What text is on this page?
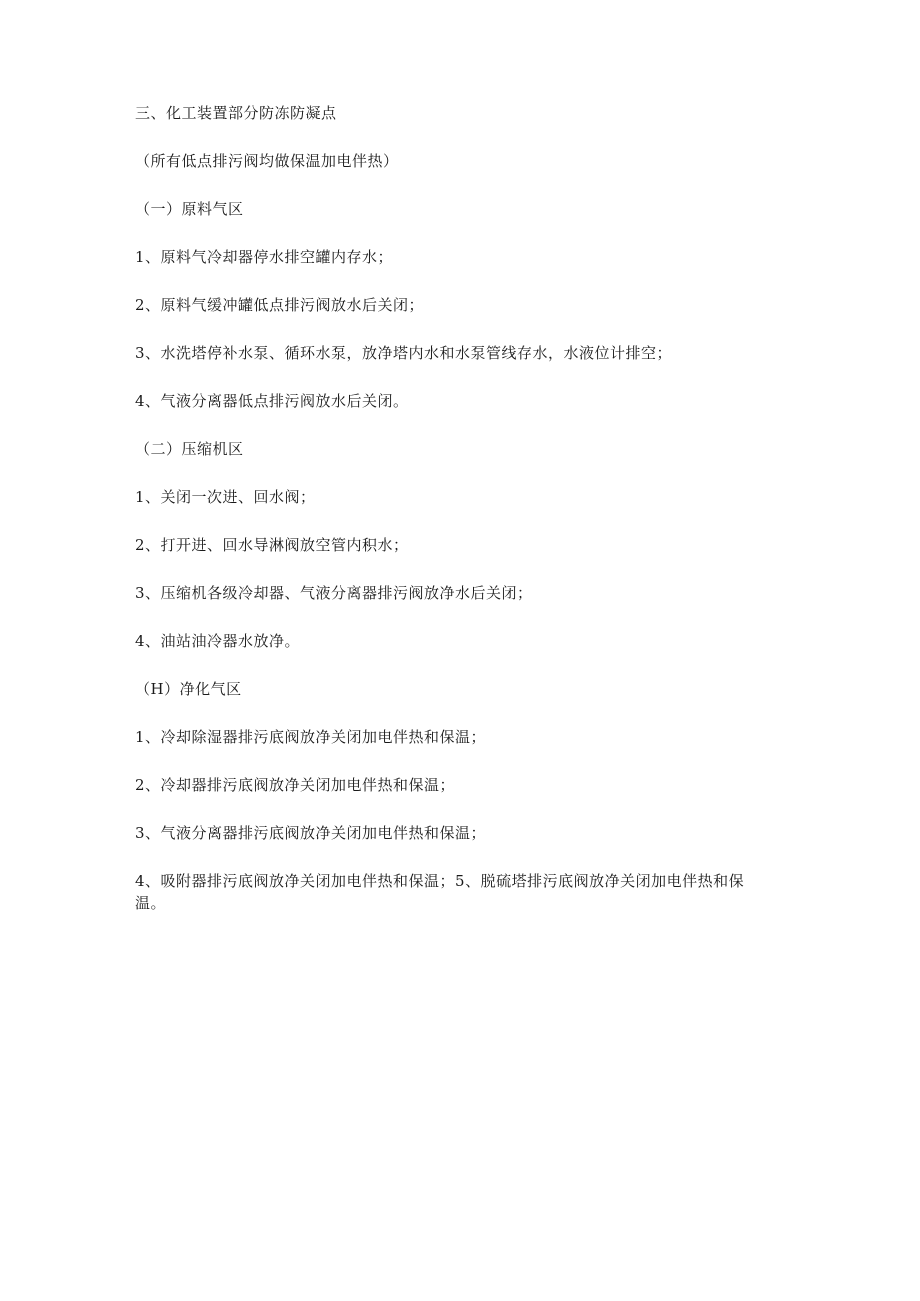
三、化工装置部分防冻防凝点
（所有低点排污阀均做保温加电伴热）
（一）原料气区
1、原料气冷却器停水排空罐内存水；
2、原料气缓冲罐低点排污阀放水后关闭；
3、水洗塔停补水泵、循环水泵，放净塔内水和水泵管线存水，水液位计排空；
4、气液分离器低点排污阀放水后关闭。
（二）压缩机区
1、关闭一次进、回水阀；
2、打开进、回水导淋阀放空管内积水；
3、压缩机各级冷却器、气液分离器排污阀放净水后关闭；
4、油站油冷器水放净。
（H）净化气区
1、冷却除湿器排污底阀放净关闭加电伴热和保温；
2、冷却器排污底阀放净关闭加电伴热和保温；
3、气液分离器排污底阀放净关闭加电伴热和保温；
4、吸附器排污底阀放净关闭加电伴热和保温；5、脱硫塔排污底阀放净关闭加电伴热和保温。
